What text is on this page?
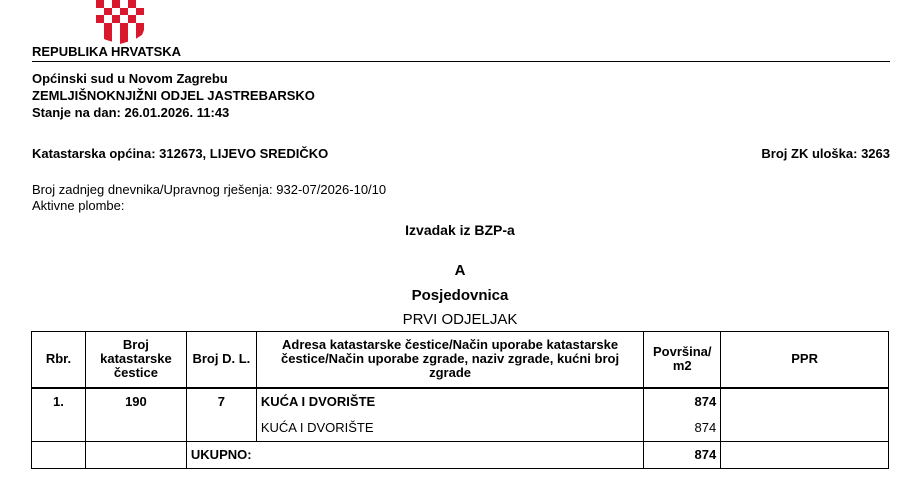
REPUBLIKA HRVATSKA
Općinski sud u Novom Zagrebu
ZEMLJIŠNOKNJIŽNI ODJEL JASTREBARSKO
Stanje na dan: 26.01.2026. 11:43
Katastarska općina: 312673, LIJEVO SREDIČKO	Broj ZK uloška: 3263
Broj zadnjeg dnevnika/Upravnog rješenja: 932-07/2026-10/10
Aktivne plombe:
Izvadak iz BZP-a
A
Posjedovnica
PRVI ODJELJAK
Rbr.	Broj katastarske čestice	Broj D. L.	Adresa katastarske čestice/Način uporabe katastarske čestice/Način uporabe zgrade, naziv zgrade, kućni broj zgrade	Površina/ m2	PPR
1.	190	7	KUĆA I DVORIŠTE	874	
			KUĆA I DVORIŠTE	874	
		UKUPNO:		874	
